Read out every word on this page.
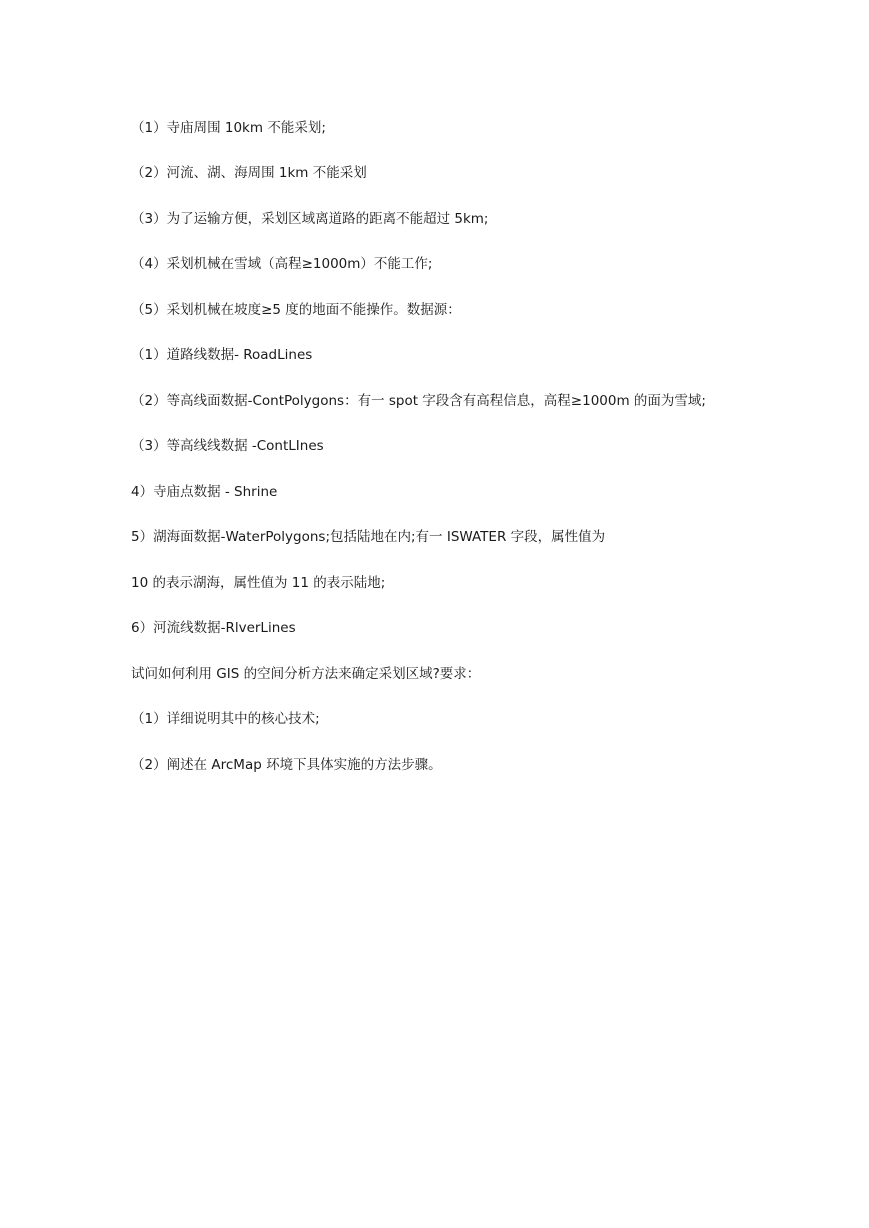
（1）寺庙周围 10km 不能采划;
（2）河流、湖、海周围 1km 不能采划
（3）为了运输方便，采划区域离道路的距离不能超过 5km;
（4）采划机械在雪域（高程≥1000m）不能工作;
（5）采划机械在坡度≥5 度的地面不能操作。数据源：
（1）道路线数据- RoadLines
（2）等高线面数据-ContPolygons：有一 spot 字段含有高程信息，高程≥1000m 的面为雪域;
（3）等高线线数据 -ContLInes
4）寺庙点数据 - Shrine
5）湖海面数据-WaterPolygons;包括陆地在内;有一 ISWATER 字段，属性值为
10 的表示湖海，属性值为 11 的表示陆地;
6）河流线数据-RlverLines
试问如何利用 GIS 的空间分析方法来确定采划区域?要求：
（1）详细说明其中的核心技术;
（2）阐述在 ArcMap 环境下具体实施的方法步骤。
